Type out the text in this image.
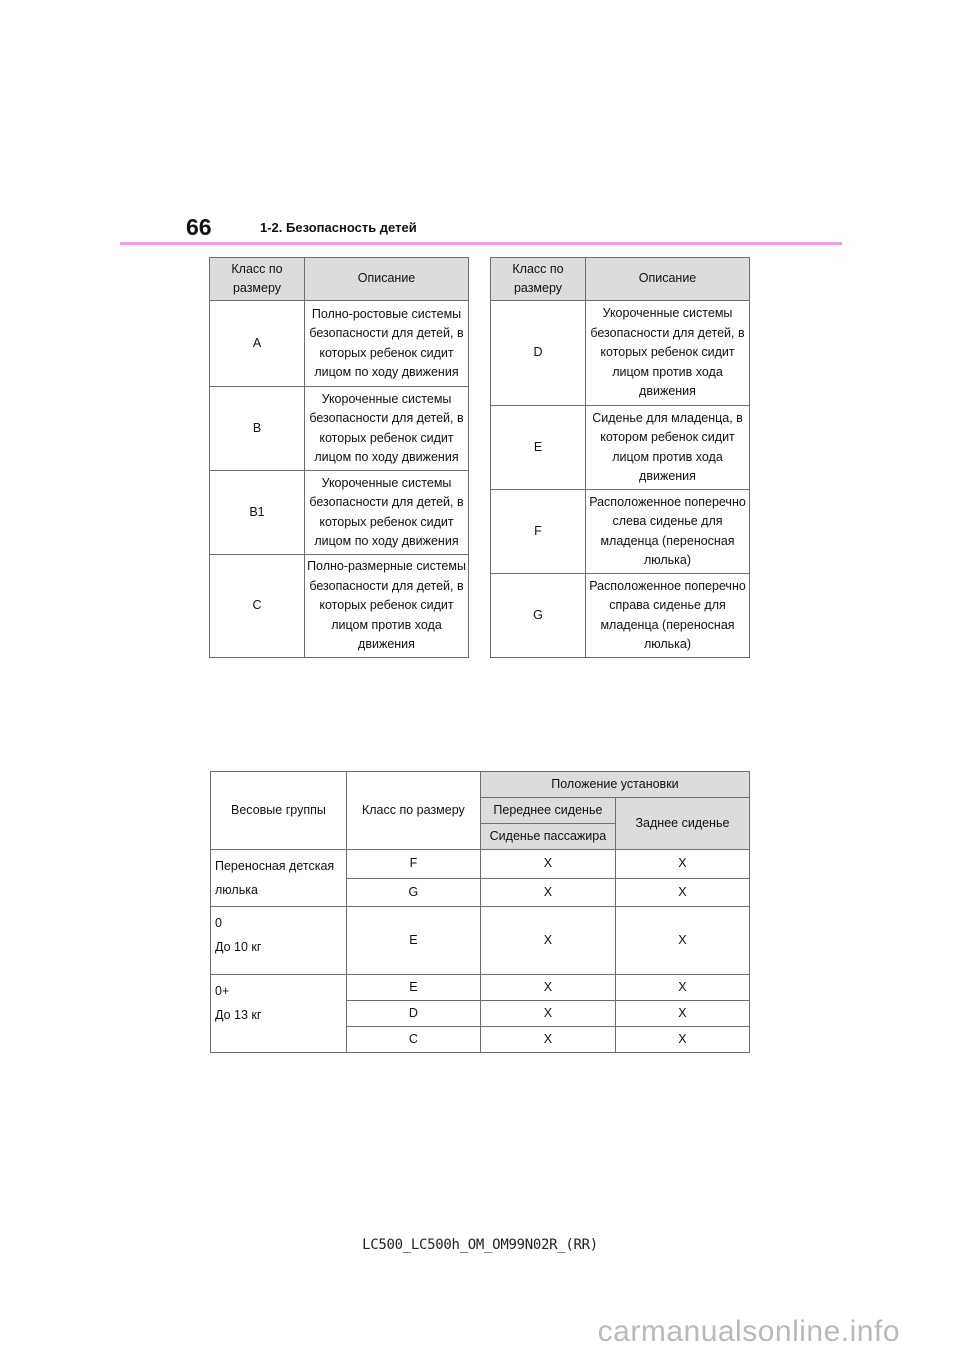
66	1-2. Безопасность детей
Класс по размеру	Описание
A	Полно-ростовые системы безопасности для детей, в которых ребенок сидит лицом по ходу движения
B	Укороченные системы безопасности для детей, в которых ребенок сидит лицом по ходу движения
B1	Укороченные системы безопасности для детей, в которых ребенок сидит лицом по ходу движения
C	Полно-размерные системы безопасности для детей, в которых ребенок сидит лицом против хода движения
Класс по размеру	Описание
D	Укороченные системы безопасности для детей, в которых ребенок сидит лицом против хода движения
E	Сиденье для младенца, в котором ребенок сидит лицом против хода движения
F	Расположенное поперечно слева сиденье для младенца (переносная люлька)
G	Расположенное поперечно справа сиденье для младенца (переносная люлька)
Весовые группы	Класс по размеру	Положение установки	
		Переднее сиденье	Заднее сиденье
		Сиденье пассажира	
Переносная детская люлька	F	X	X
	G	X	X

0
До 10 кг	E	X	X

0+
До 13 кг	E	X	X
	D	X	X
	C	X	X
LC500_LC500h_OM_OM99N02R_(RR)
carmanualsonline.info
